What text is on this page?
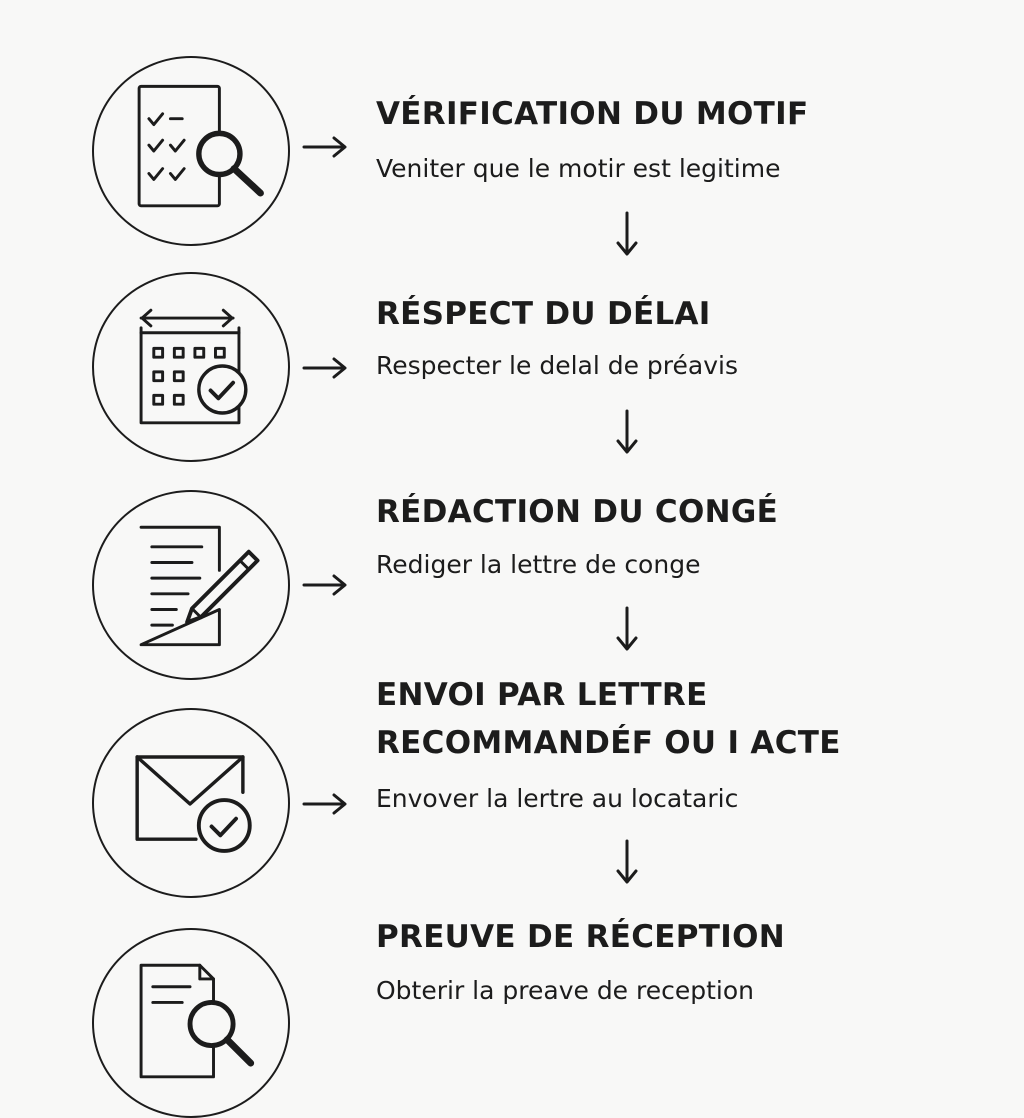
VÉRIFICATION DU MOTIF

Veniter que le motir est legitime

RÉSPECT DU DÉLAI

Respecter le delal de préavis

RÉDACTION DU CONGÉ

Rediger la lettre de conge

ENVOI PAR LETTRE
RECOMMANDÉF OU I ACTE

Envover la lertre au locataric

PREUVE DE RÉCEPTION

Obterir la preave de reception
